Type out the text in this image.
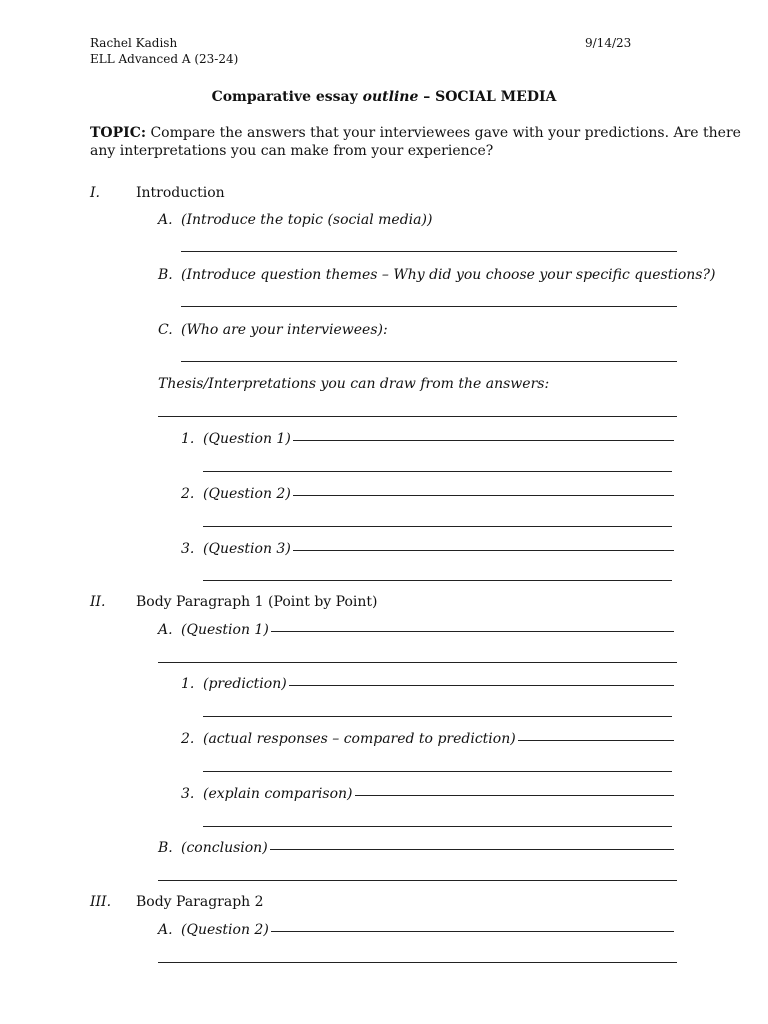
Rachel Kadish
ELL Advanced A (23-24)
9/14/23
Comparative essay outline – SOCIAL MEDIA
TOPIC: Compare the answers that your interviewees gave with your predictions. Are there
any interpretations you can make from your experience?
I.	Introduction
A. (Introduce the topic (social media))
B. (Introduce question themes – Why did you choose your specific questions?)
C. (Who are your interviewees):
Thesis/Interpretations you can draw from the answers:
1. (Question 1)
2. (Question 2)
3. (Question 3)
II. Body Paragraph 1 (Point by Point)
A. (Question 1)
1. (prediction)
2. (actual responses – compared to prediction)
3. (explain comparison)
B. (conclusion)
III. Body Paragraph 2
A. (Question 2)
